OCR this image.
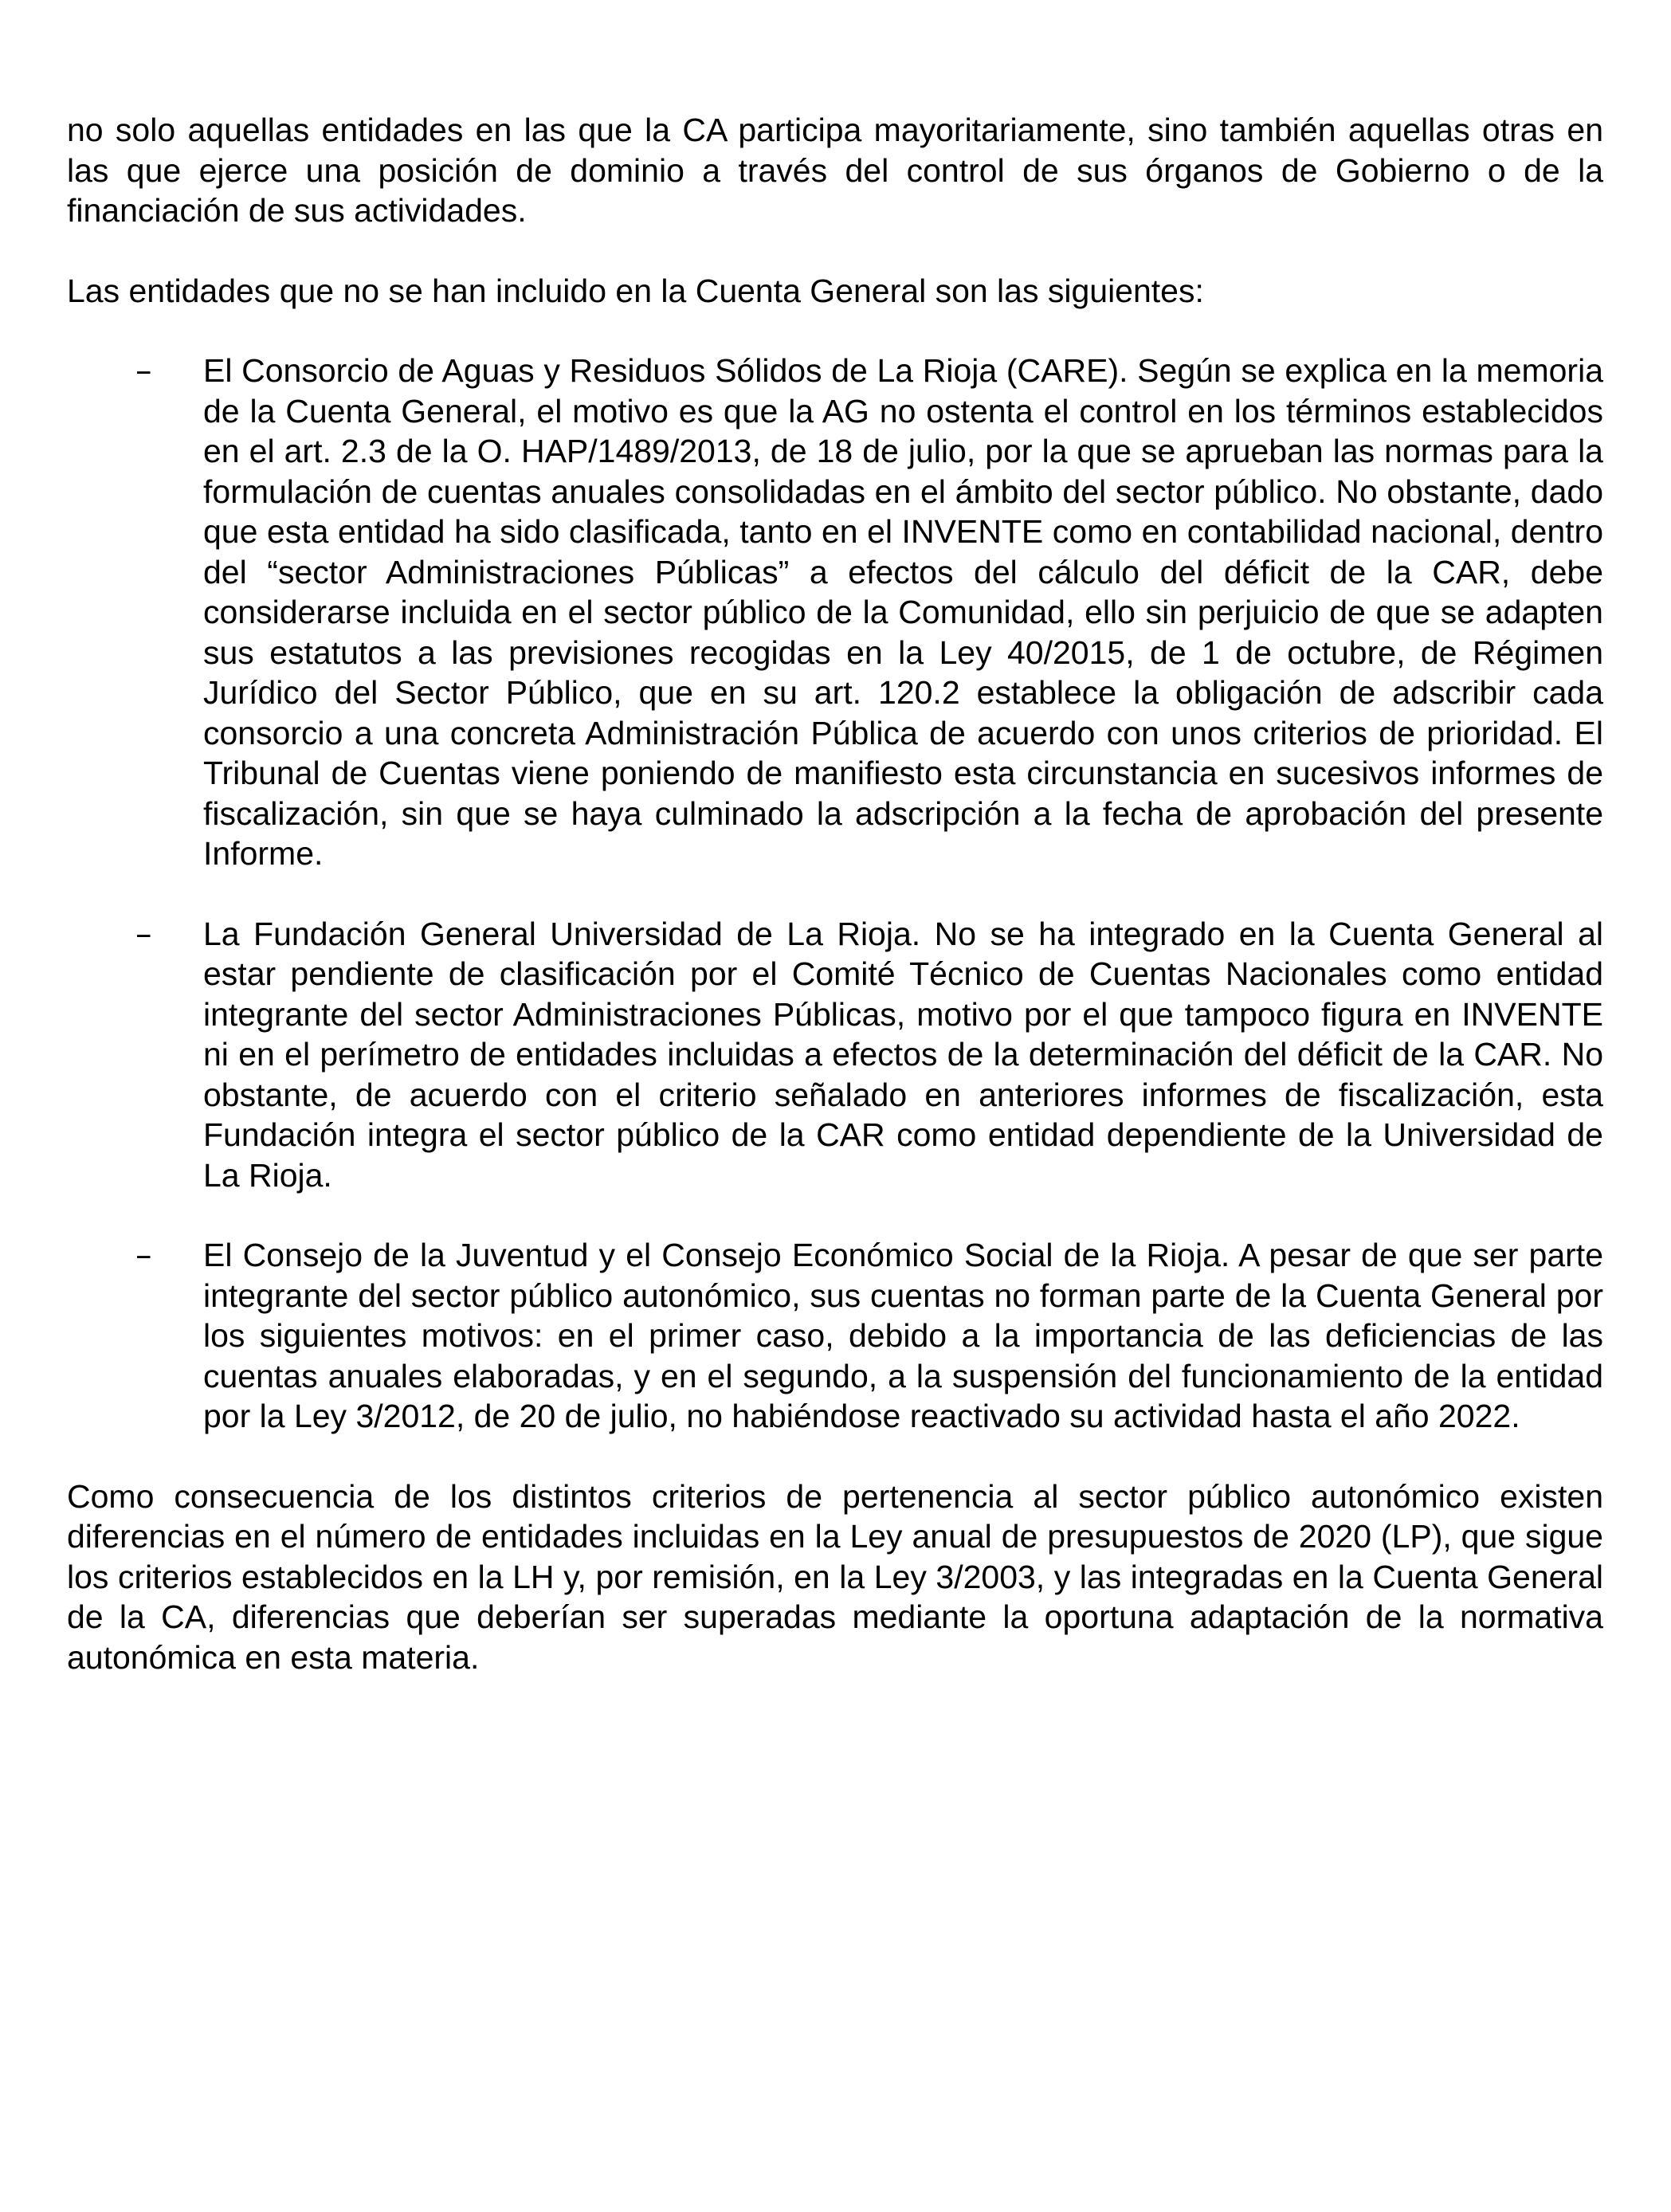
no solo aquellas entidades en las que la CA participa mayoritariamente, sino también aquellas otras en las que ejerce una posición de dominio a través del control de sus órganos de Gobierno o de la financiación de sus actividades.

Las entidades que no se han incluido en la Cuenta General son las siguientes:

– El Consorcio de Aguas y Residuos Sólidos de La Rioja (CARE). Según se explica en la memoria de la Cuenta General, el motivo es que la AG no ostenta el control en los términos establecidos en el art. 2.3 de la O. HAP/1489/2013, de 18 de julio, por la que se aprueban las normas para la formulación de cuentas anuales consolidadas en el ámbito del sector público. No obstante, dado que esta entidad ha sido clasificada, tanto en el INVENTE como en contabilidad nacional, dentro del “sector Administraciones Públicas” a efectos del cálculo del déficit de la CAR, debe considerarse incluida en el sector público de la Comunidad, ello sin perjuicio de que se adapten sus estatutos a las previsiones recogidas en la Ley 40/2015, de 1 de octubre, de Régimen Jurídico del Sector Público, que en su art. 120.2 establece la obligación de adscribir cada consorcio a una concreta Administración Pública de acuerdo con unos criterios de prioridad. El Tribunal de Cuentas viene poniendo de manifiesto esta circunstancia en sucesivos informes de fiscalización, sin que se haya culminado la adscripción a la fecha de aprobación del presente Informe.
– La Fundación General Universidad de La Rioja. No se ha integrado en la Cuenta General al estar pendiente de clasificación por el Comité Técnico de Cuentas Nacionales como entidad integrante del sector Administraciones Públicas, motivo por el que tampoco figura en INVENTE ni en el perímetro de entidades incluidas a efectos de la determinación del déficit de la CAR. No obstante, de acuerdo con el criterio señalado en anteriores informes de fiscalización, esta Fundación integra el sector público de la CAR como entidad dependiente de la Universidad de La Rioja.
– El Consejo de la Juventud y el Consejo Económico Social de la Rioja. A pesar de que ser parte integrante del sector público autonómico, sus cuentas no forman parte de la Cuenta General por los siguientes motivos: en el primer caso, debido a la importancia de las deficiencias de las cuentas anuales elaboradas, y en el segundo, a la suspensión del funcionamiento de la entidad por la Ley 3/2012, de 20 de julio, no habiéndose reactivado su actividad hasta el año 2022.

Como consecuencia de los distintos criterios de pertenencia al sector público autonómico existen diferencias en el número de entidades incluidas en la Ley anual de presupuestos de 2020 (LP), que sigue los criterios establecidos en la LH y, por remisión, en la Ley 3/2003, y las integradas en la Cuenta General de la CA, diferencias que deberían ser superadas mediante la oportuna adaptación de la normativa autonómica en esta materia.
